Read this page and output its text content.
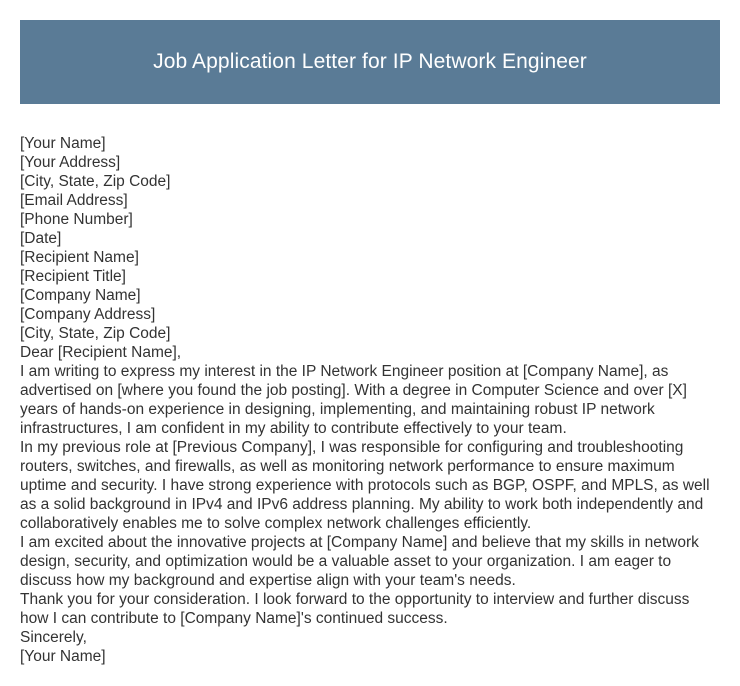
Job Application Letter for IP Network Engineer
[Your Name]
[Your Address]
[City, State, Zip Code]
[Email Address]
[Phone Number]
[Date]
[Recipient Name]
[Recipient Title]
[Company Name]
[Company Address]
[City, State, Zip Code]
Dear [Recipient Name],
I am writing to express my interest in the IP Network Engineer position at [Company Name], as advertised on [where you found the job posting]. With a degree in Computer Science and over [X] years of hands-on experience in designing, implementing, and maintaining robust IP network infrastructures, I am confident in my ability to contribute effectively to your team.
In my previous role at [Previous Company], I was responsible for configuring and troubleshooting routers, switches, and firewalls, as well as monitoring network performance to ensure maximum uptime and security. I have strong experience with protocols such as BGP, OSPF, and MPLS, as well as a solid background in IPv4 and IPv6 address planning. My ability to work both independently and collaboratively enables me to solve complex network challenges efficiently.
I am excited about the innovative projects at [Company Name] and believe that my skills in network design, security, and optimization would be a valuable asset to your organization. I am eager to discuss how my background and expertise align with your team's needs.
Thank you for your consideration. I look forward to the opportunity to interview and further discuss how I can contribute to [Company Name]'s continued success.
Sincerely,
[Your Name]
